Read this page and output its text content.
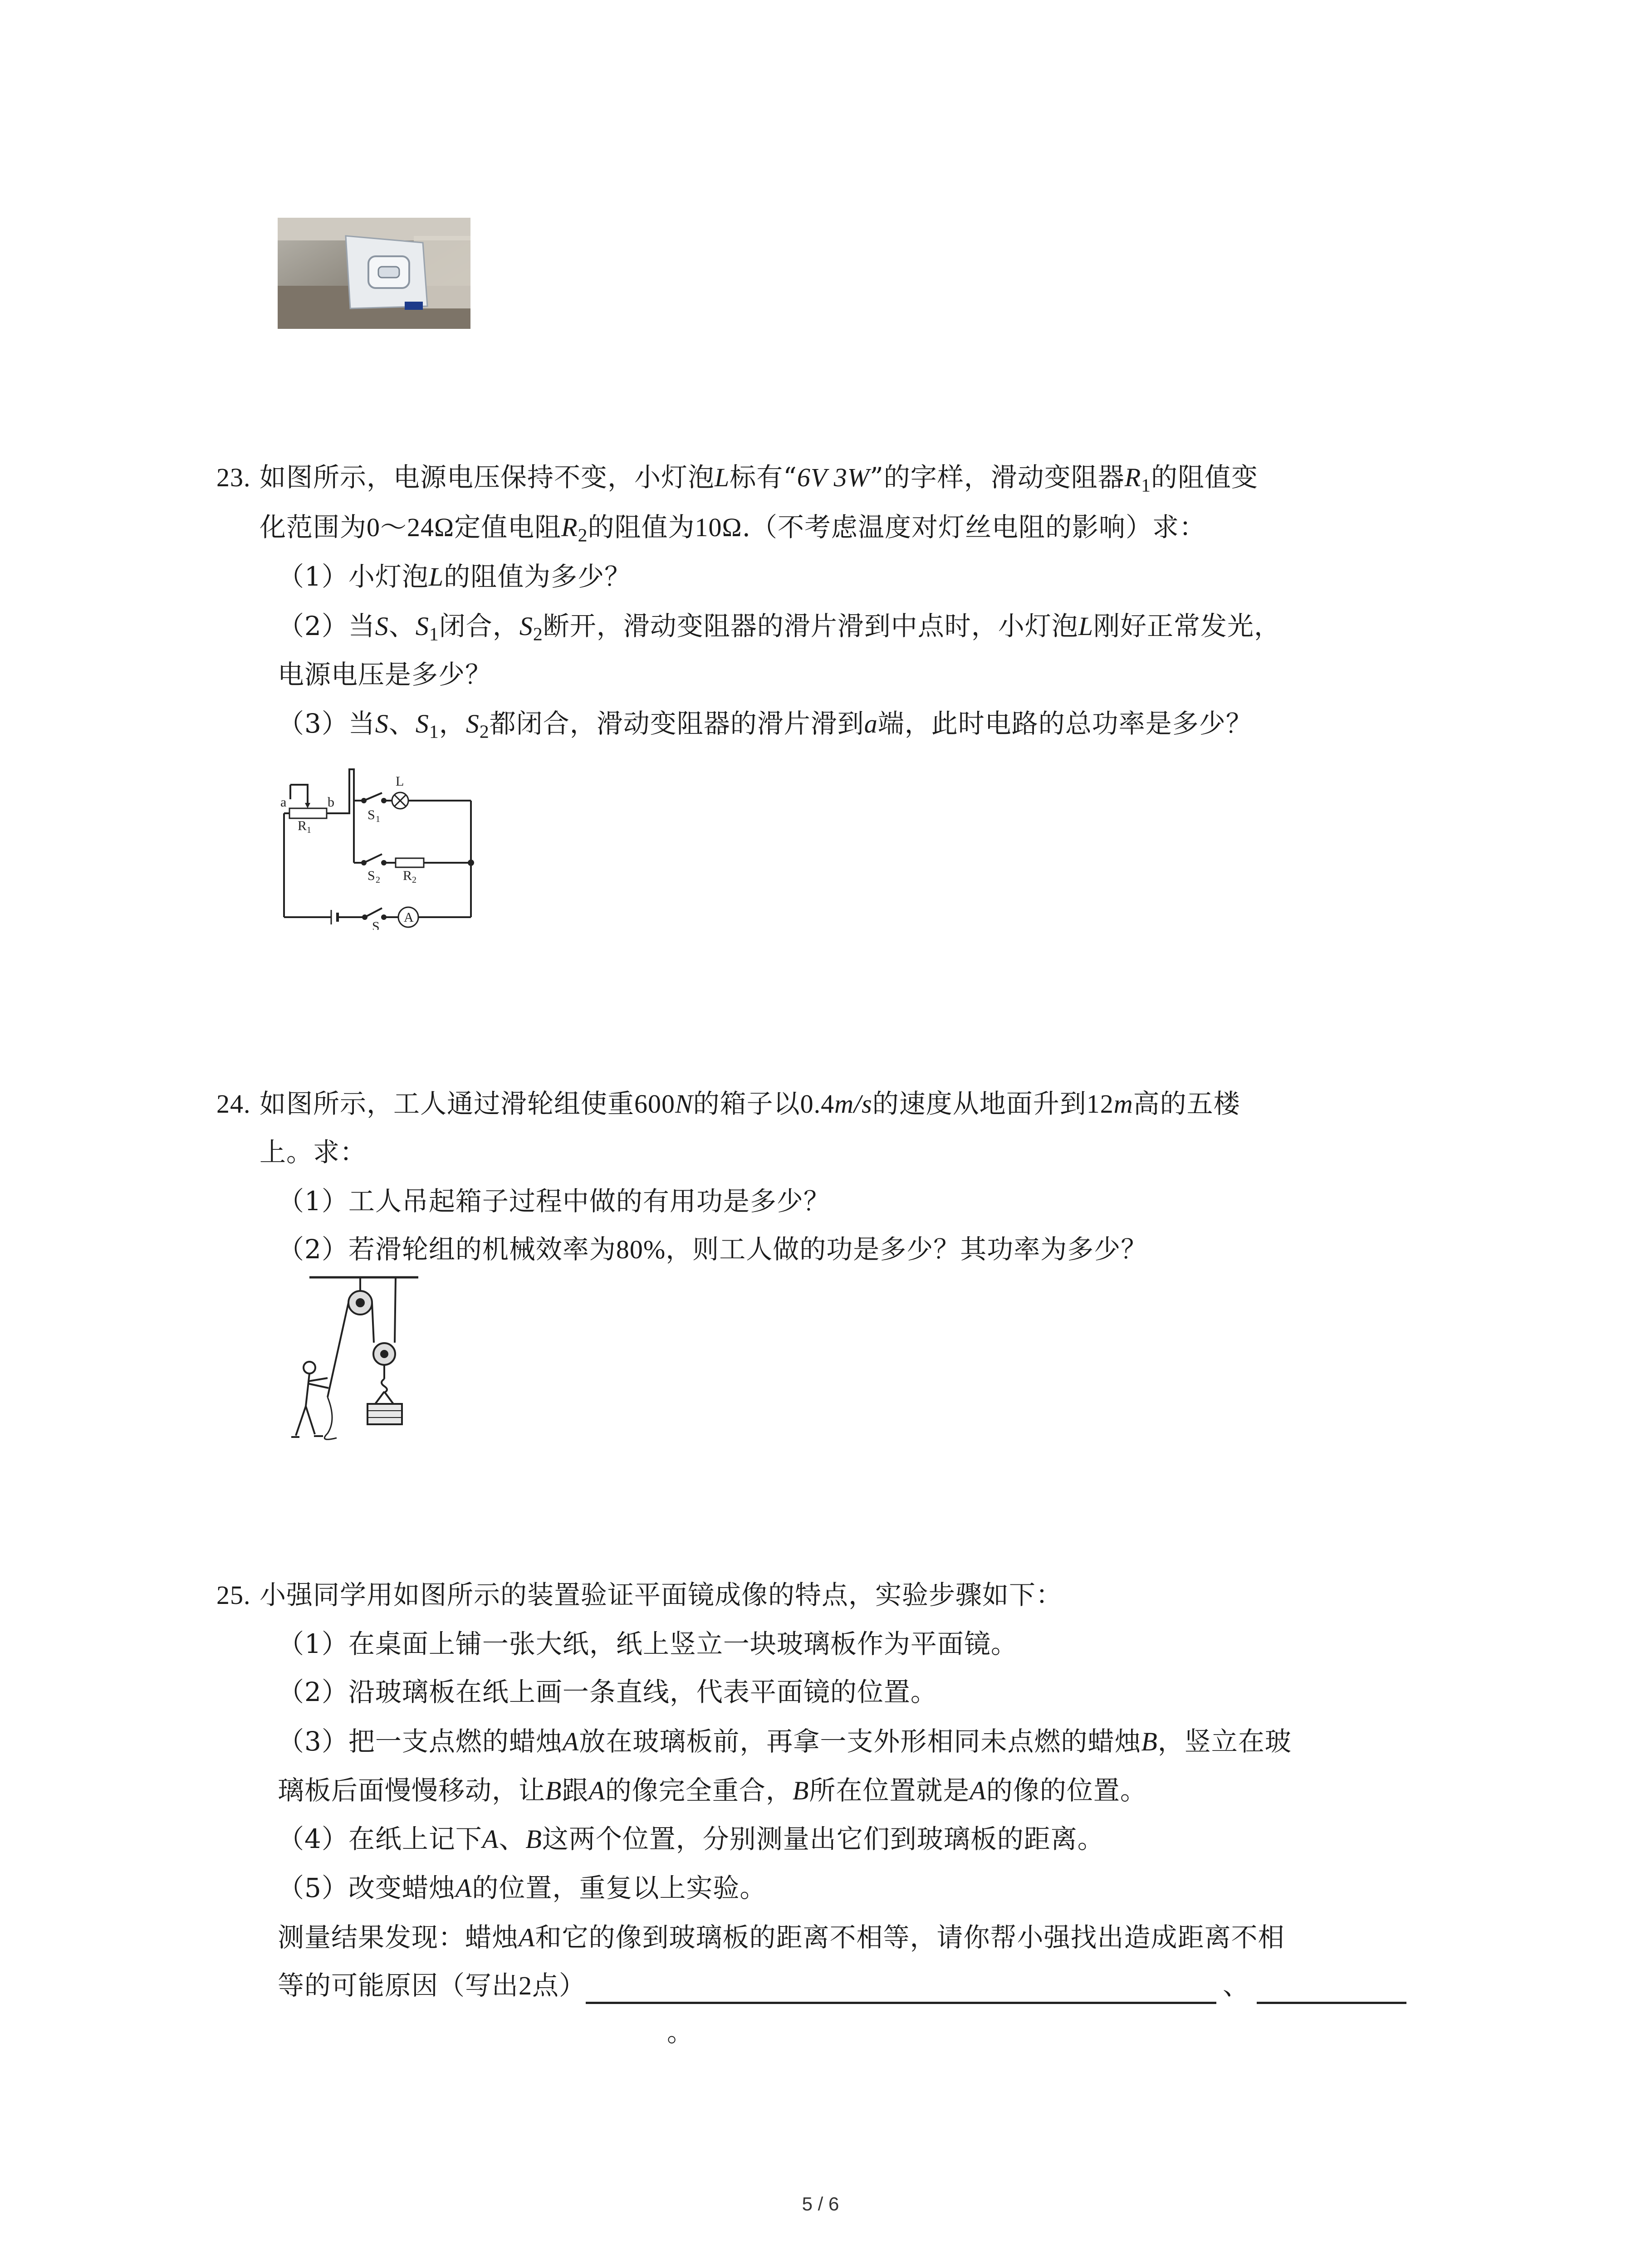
23. 如图所示，电源电压保持不变，小灯泡L标有“6V 3W”的字样，滑动变阻器$R_1$的阻值变
化范围为0～24Ω定值电阻$R_2$的阻值为10Ω.（不考虑温度对灯丝电阻的影响）求：
（1）小灯泡L的阻值为多少？
（2）当S、$S_1$闭合，$S_2$断开，滑动变阻器的滑片滑到中点时，小灯泡L刚好正常发光，
电源电压是多少？
（3）当S、$S_1$，$S_2$都闭合，滑动变阻器的滑片滑到a端，此时电路的总功率是多少？
a	b
R 1
L
S 1
S 2 R 2
S
A
24. 如图所示，工人通过滑轮组使重600N的箱子以0.4m/s的速度从地面升到12m高的五楼
上。求：
（1）工人吊起箱子过程中做的有用功是多少？
（2）若滑轮组的机械效率为80%，则工人做的功是多少？其功率为多少？
25. 小强同学用如图所示的装置验证平面镜成像的特点，实验步骤如下：
（1）在桌面上铺一张大纸，纸上竖立一块玻璃板作为平面镜。
（2）沿玻璃板在纸上画一条直线，代表平面镜的位置。
（3）把一支点燃的蜡烛A放在玻璃板前，再拿一支外形相同未点燃的蜡烛B，竖立在玻
璃板后面慢慢移动，让B跟A的像完全重合，B所在位置就是A的像的位置。
（4）在纸上记下A、B这两个位置，分别测量出它们到玻璃板的距离。
（5）改变蜡烛A的位置，重复以上实验。
测量结果发现：蜡烛A和它的像到玻璃板的距离不相等，请你帮小强找出造成距离不相
等的可能原因（写出2点）	、
。
5 / 6
